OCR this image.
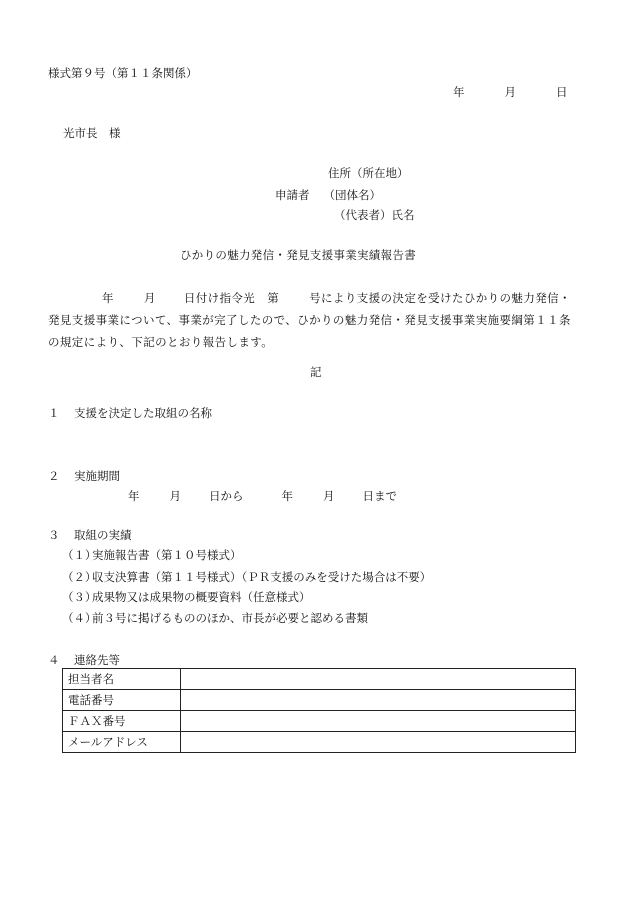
様式第９号（第１１条関係）
年	月	日
光市長　様
住所（所在地）
申請者 （団体名）
（代表者）氏名
ひかりの魅力発信・発見支援事業実績報告書
年	月 日付け指令光 第	号により支援の決定を受けたひかりの魅力発信・発見支援事業について、事業が完了したので、ひかりの魅力発信・発見支援事業実施要綱第１１条の規定により、下記のとおり報告します。
記
１ 支援を決定した取組の名称
２ 実施期間
年	月 日から	年	月 日まで
３ 取組の実績
（１）実施報告書（第１０号様式）
（２）収支決算書（第１１号様式）（ＰＲ支援のみを受けた場合は不要）
（３）成果物又は成果物の概要資料（任意様式）
（４）前３号に掲げるもののほか、市長が必要と認める書類
４ 連絡先等
担当者名	
電話番号	
ＦＡＸ番号	
メールアドレス	
